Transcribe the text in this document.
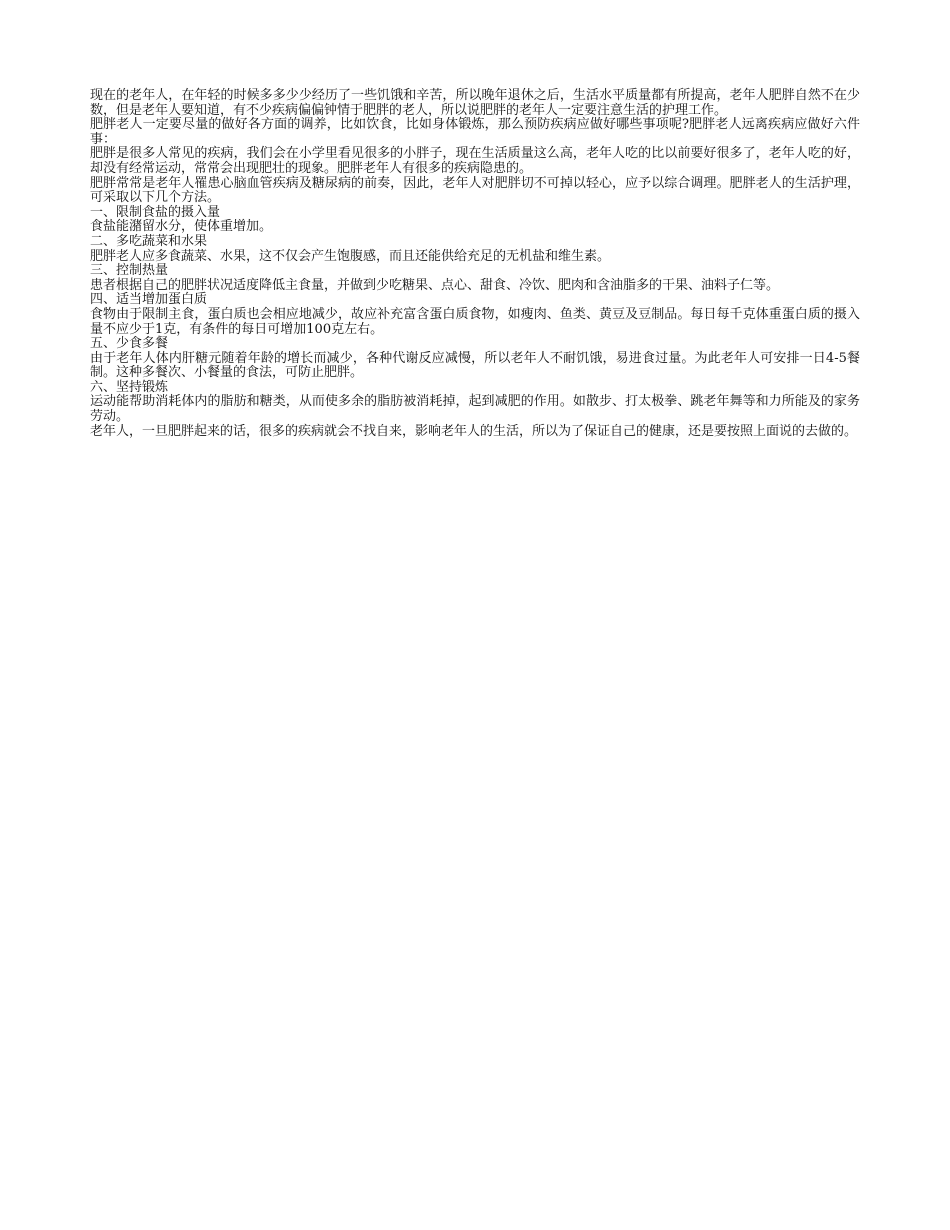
现在的老年人，在年轻的时候多多少少经历了一些饥饿和辛苦，所以晚年退休之后，生活水平质量都有所提高，老年人肥胖自然不在少数，但是老年人要知道，有不少疾病偏偏钟情于肥胖的老人，所以说肥胖的老年人一定要注意生活的护理工作。

肥胖老人一定要尽量的做好各方面的调养，比如饮食，比如身体锻炼，那么预防疾病应做好哪些事项呢?肥胖老人远离疾病应做好六件事：

肥胖是很多人常见的疾病，我们会在小学里看见很多的小胖子，现在生活质量这么高，老年人吃的比以前要好很多了，老年人吃的好，却没有经常运动，常常会出现肥壮的现象。肥胖老年人有很多的疾病隐患的。

肥胖常常是老年人罹患心脑血管疾病及糖尿病的前奏，因此，老年人对肥胖切不可掉以轻心，应予以综合调理。肥胖老人的生活护理，可采取以下几个方法。

一、限制食盐的摄入量

食盐能潴留水分，使体重增加。

二、多吃蔬菜和水果

肥胖老人应多食蔬菜、水果，这不仅会产生饱腹感，而且还能供给充足的无机盐和维生素。

三、控制热量

患者根据自己的肥胖状况适度降低主食量，并做到少吃糖果、点心、甜食、冷饮、肥肉和含油脂多的干果、油料子仁等。

四、适当增加蛋白质

食物由于限制主食，蛋白质也会相应地减少，故应补充富含蛋白质食物，如瘦肉、鱼类、黄豆及豆制品。每日每千克体重蛋白质的摄入量不应少于1克，有条件的每日可增加100克左右。

五、少食多餐

由于老年人体内肝糖元随着年龄的增长而减少，各种代谢反应减慢，所以老年人不耐饥饿，易进食过量。为此老年人可安排一日4-5餐制。这种多餐次、小餐量的食法，可防止肥胖。

六、坚持锻炼

运动能帮助消耗体内的脂肪和糖类，从而使多余的脂肪被消耗掉，起到减肥的作用。如散步、打太极拳、跳老年舞等和力所能及的家务劳动。

老年人，一旦肥胖起来的话，很多的疾病就会不找自来，影响老年人的生活，所以为了保证自己的健康，还是要按照上面说的去做的。
